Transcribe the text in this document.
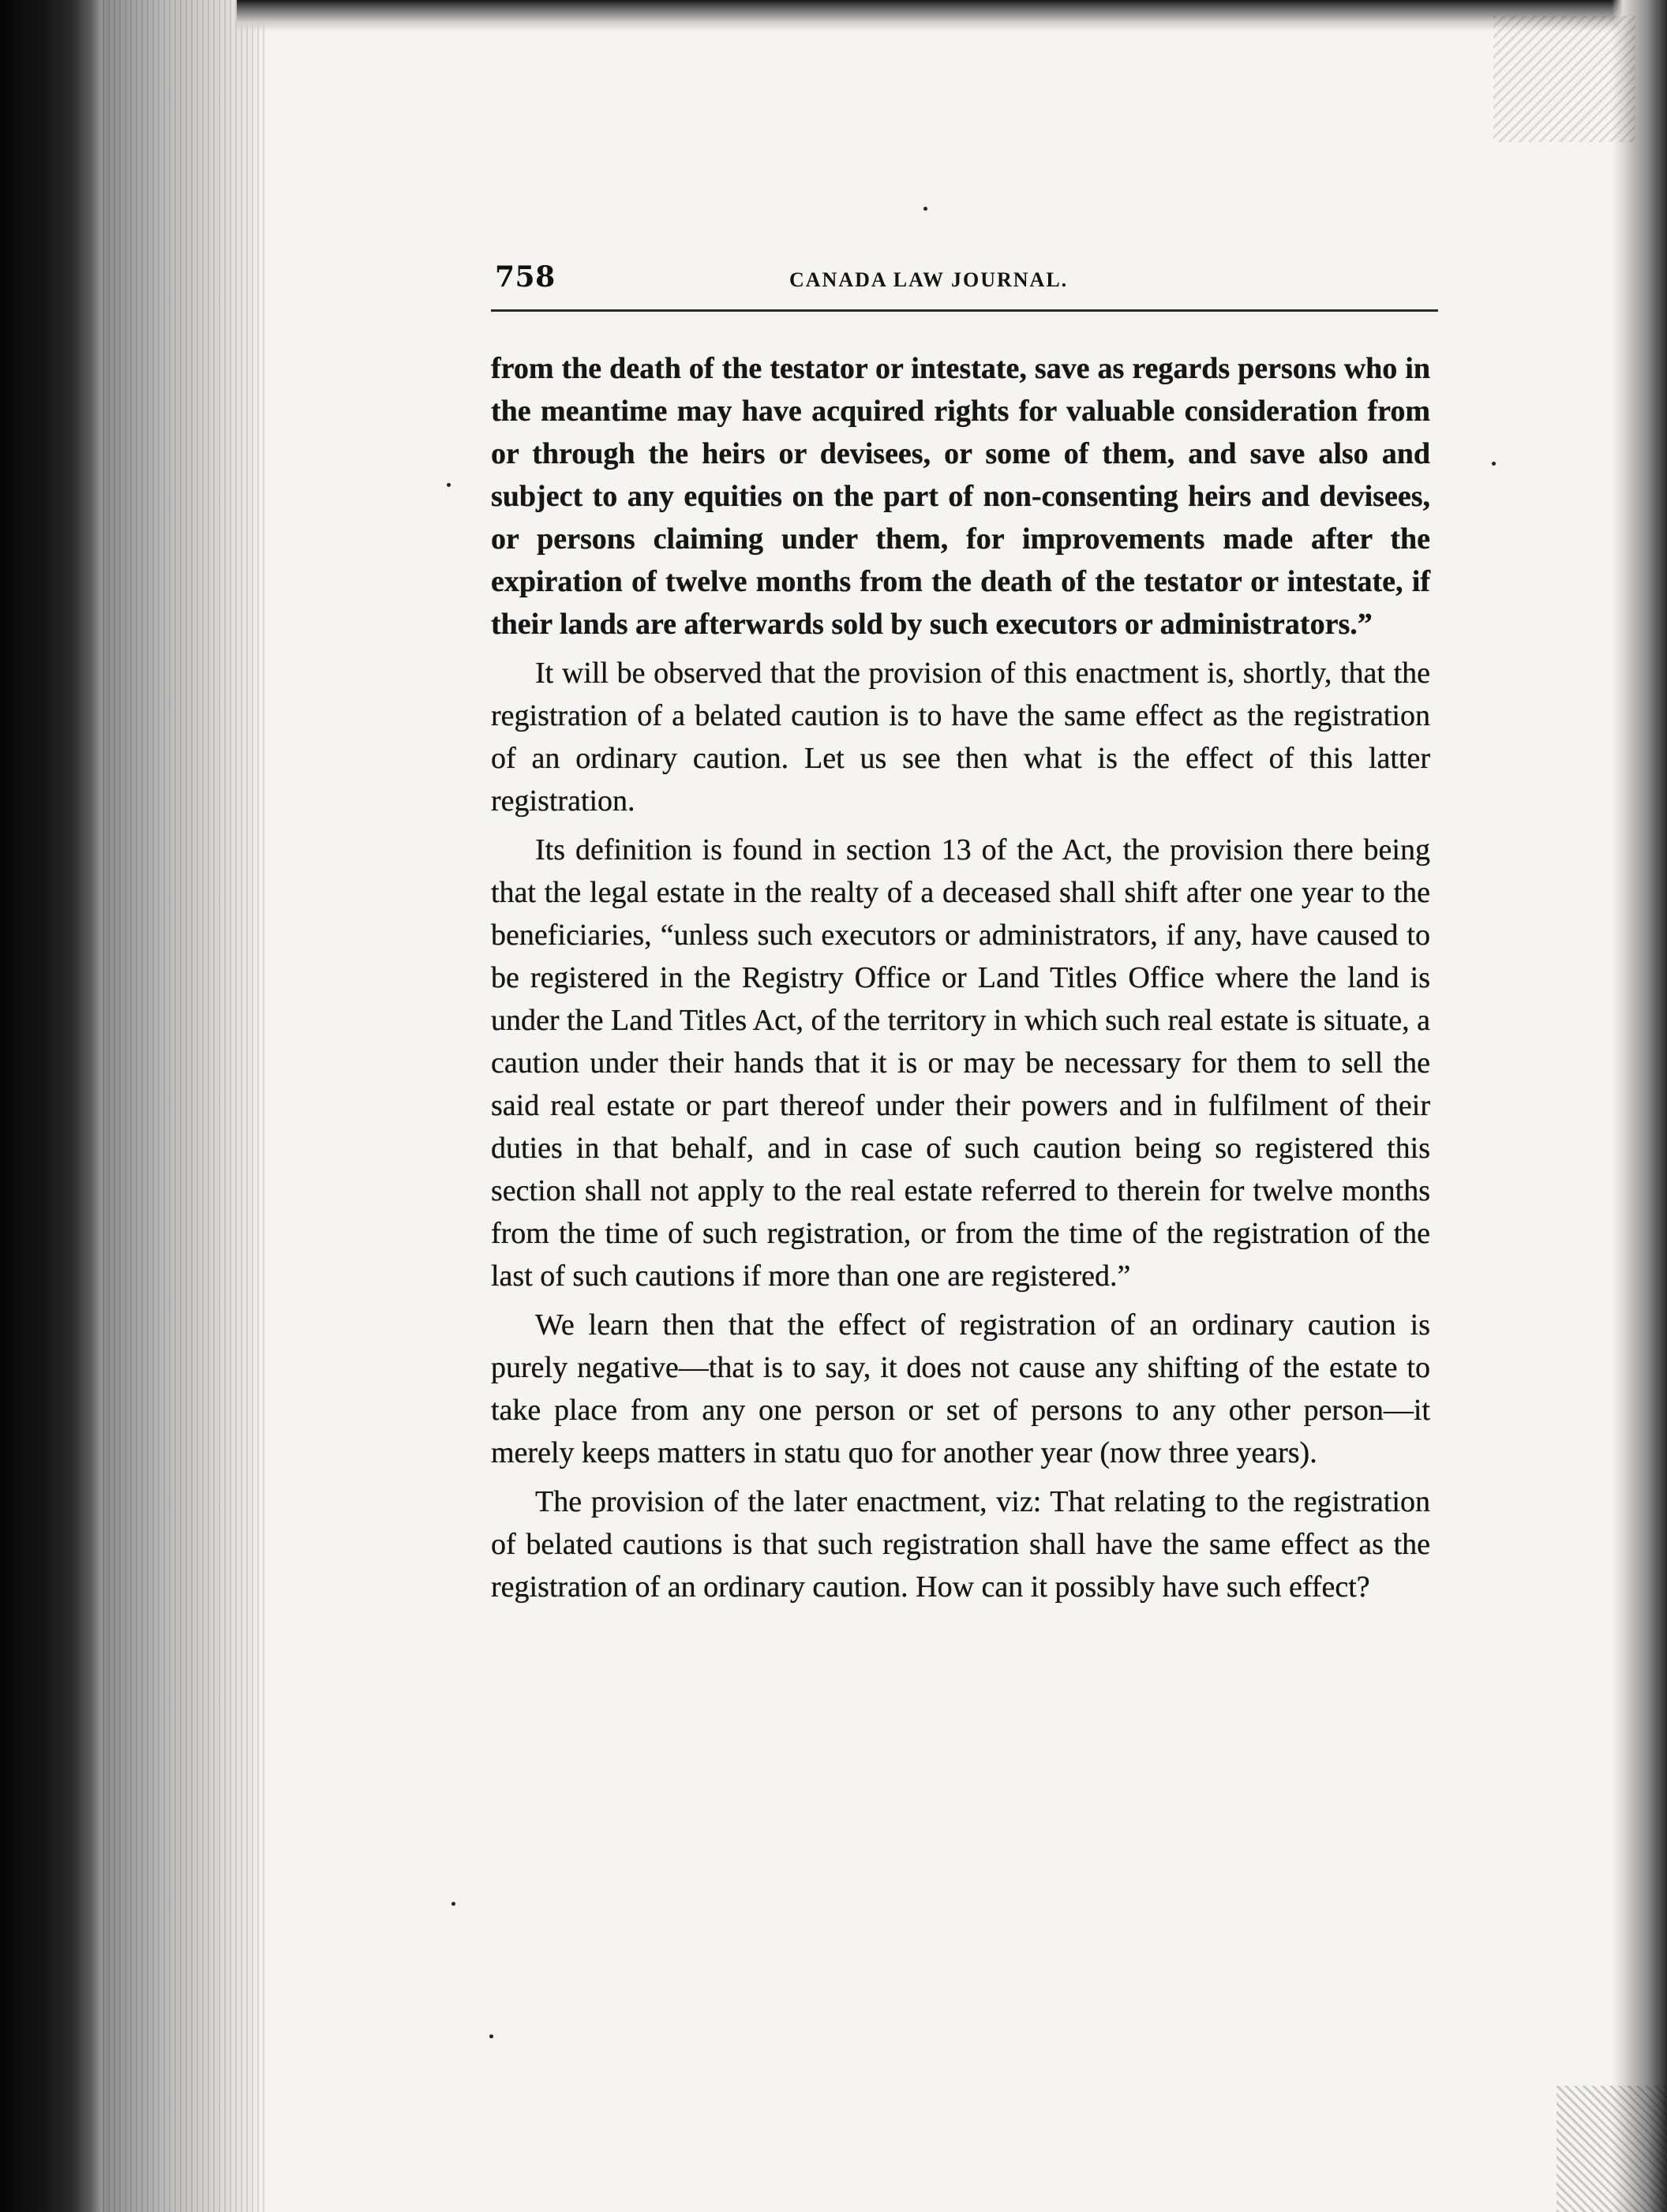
758	CANADA LAW JOURNAL.

from the death of the testator or intestate, save as regards persons who in the meantime may have acquired rights for valuable consideration from or through the heirs or devisees, or some of them, and save also and subject to any equities on the part of non-consenting heirs and devisees, or persons claiming under them, for improvements made after the expiration of twelve months from the death of the testator or intestate, if their lands are afterwards sold by such executors or administrators.”

It will be observed that the provision of this enactment is, shortly, that the registration of a belated caution is to have the same effect as the registration of an ordinary caution. Let us see then what is the effect of this latter registration.

Its definition is found in section 13 of the Act, the provision there being that the legal estate in the realty of a deceased shall shift after one year to the beneficiaries, “unless such executors or administrators, if any, have caused to be registered in the Registry Office or Land Titles Office where the land is under the Land Titles Act, of the territory in which such real estate is situate, a caution under their hands that it is or may be necessary for them to sell the said real estate or part thereof under their powers and in fulfilment of their duties in that behalf, and in case of such caution being so registered this section shall not apply to the real estate referred to therein for twelve months from the time of such registration, or from the time of the registration of the last of such cautions if more than one are registered.”

We learn then that the effect of registration of an ordinary caution is purely negative—that is to say, it does not cause any shifting of the estate to take place from any one person or set of persons to any other person—it merely keeps matters in statu quo for another year (now three years).

The provision of the later enactment, viz: That relating to the registration of belated cautions is that such registration shall have the same effect as the registration of an ordinary caution. How can it possibly have such effect?
